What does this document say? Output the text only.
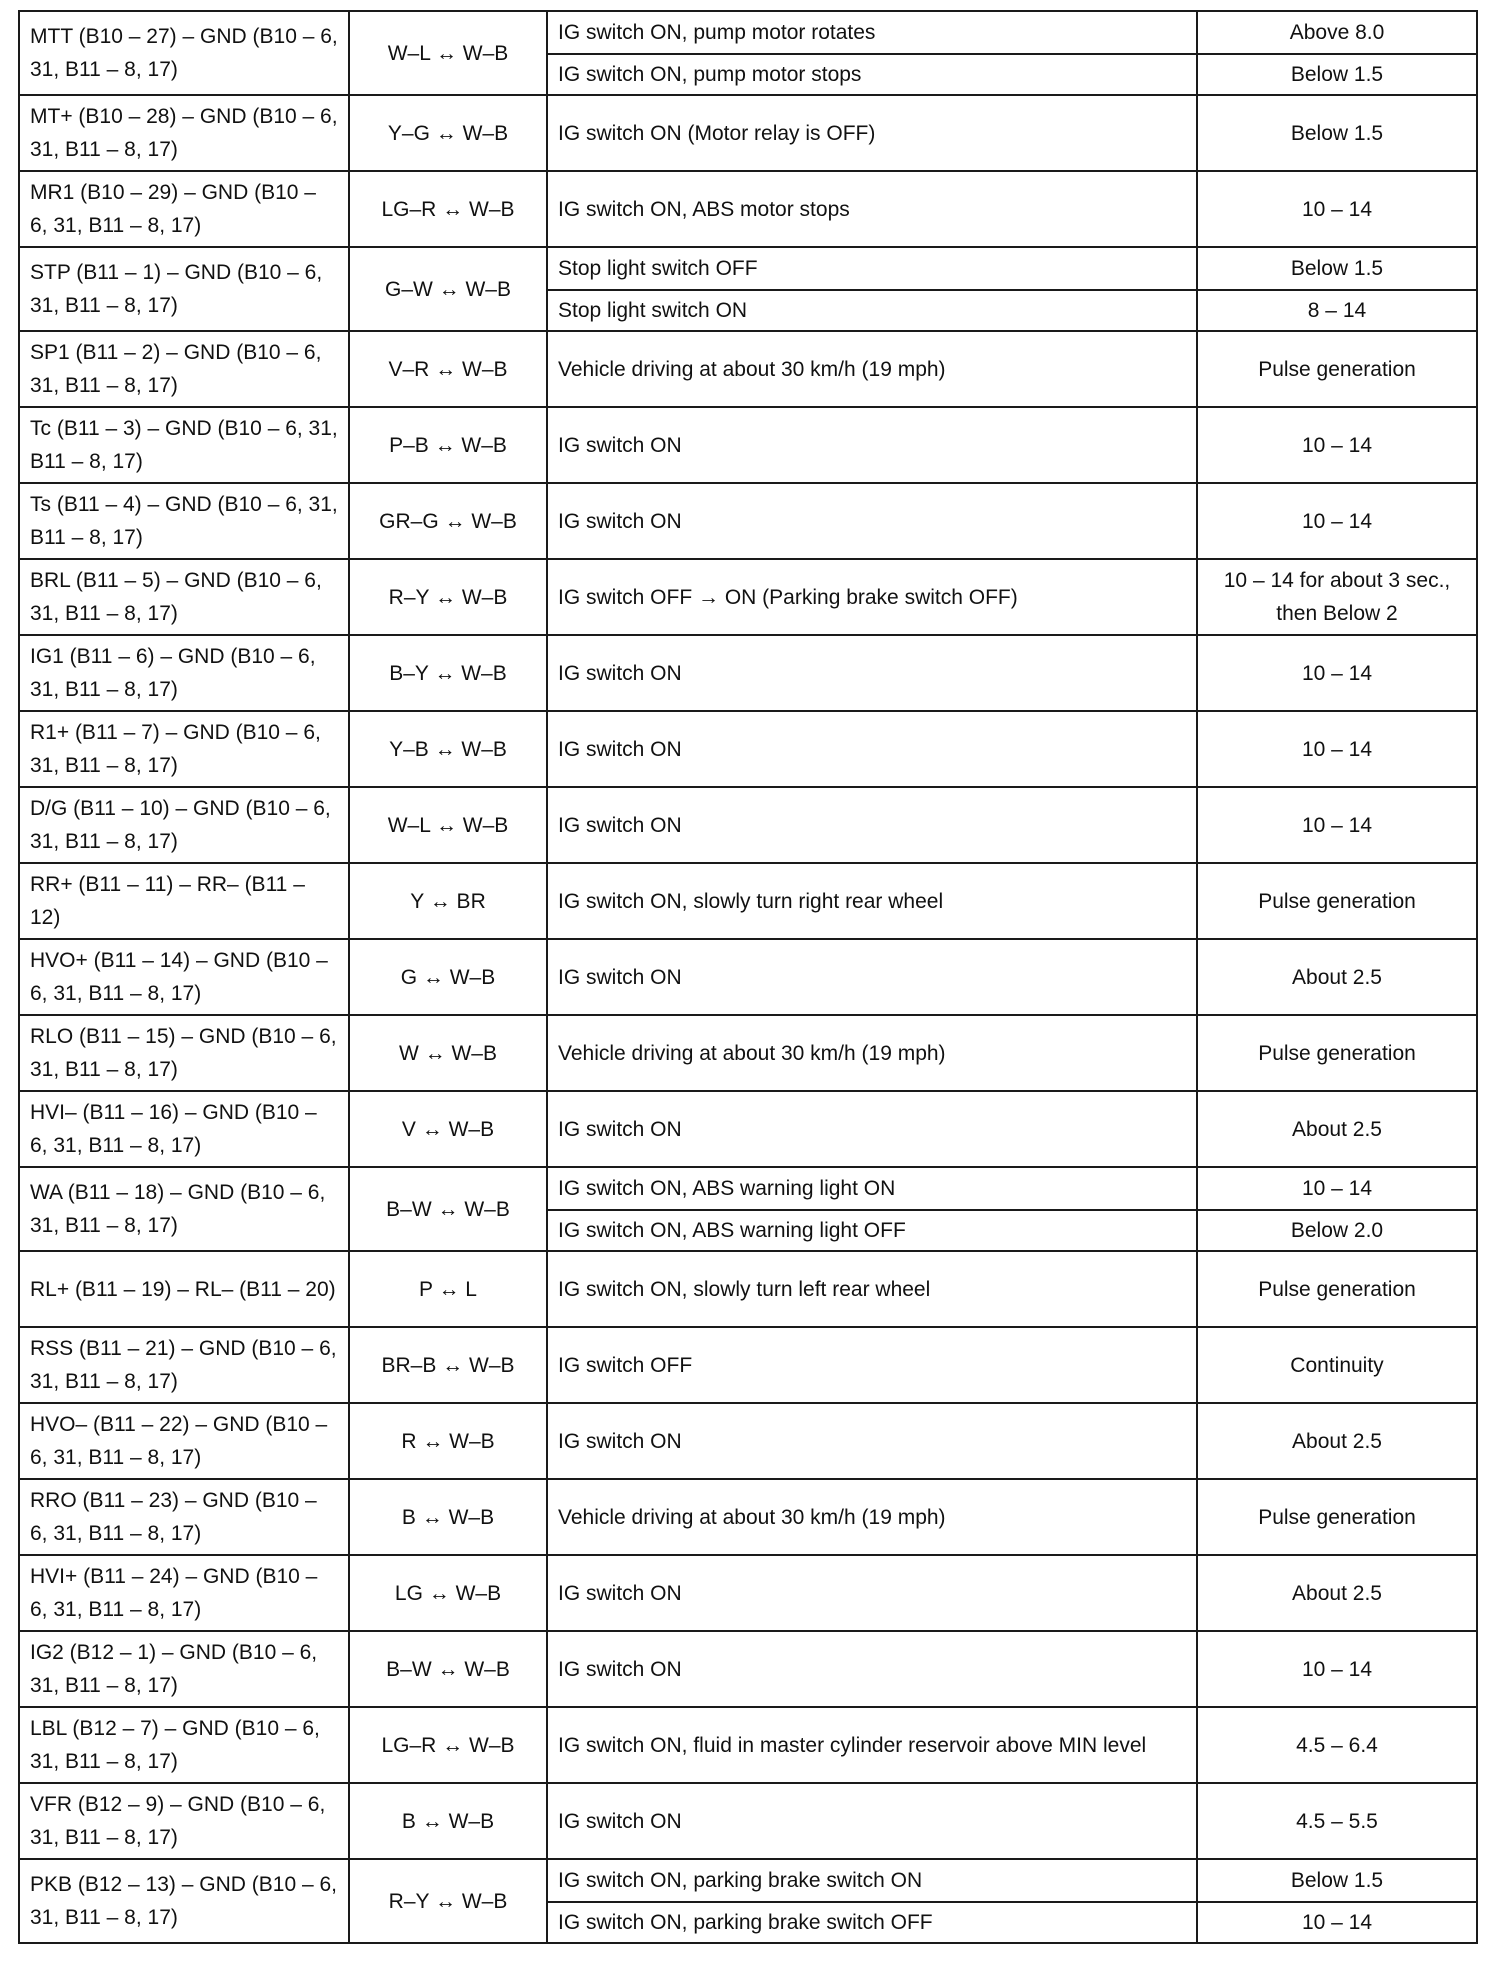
MTT (B10 – 27) – GND (B10 – 6, 31, B11 – 8, 17)	W–L ↔ W–B	IG switch ON, pump motor rotates	Above 8.0
		IG switch ON, pump motor stops	Below 1.5
MT+ (B10 – 28) – GND (B10 – 6, 31, B11 – 8, 17)	Y–G ↔ W–B	IG switch ON (Motor relay is OFF)	Below 1.5
MR1 (B10 – 29) – GND (B10 – 6, 31, B11 – 8, 17)	LG–R ↔ W–B	IG switch ON, ABS motor stops	10 – 14
STP (B11 – 1) – GND (B10 – 6, 31, B11 – 8, 17)	G–W ↔ W–B	Stop light switch OFF	Below 1.5
		Stop light switch ON	8 – 14
SP1 (B11 – 2) – GND (B10 – 6, 31, B11 – 8, 17)	V–R ↔ W–B	Vehicle driving at about 30 km/h (19 mph)	Pulse generation
Tc (B11 – 3) – GND (B10 – 6, 31, B11 – 8, 17)	P–B ↔ W–B	IG switch ON	10 – 14
Ts (B11 – 4) – GND (B10 – 6, 31, B11 – 8, 17)	GR–G ↔ W–B	IG switch ON	10 – 14
BRL (B11 – 5) – GND (B10 – 6, 31, B11 – 8, 17)	R–Y ↔ W–B	IG switch OFF → ON (Parking brake switch OFF)	10 – 14 for about 3 sec., then Below 2
IG1 (B11 – 6) – GND (B10 – 6, 31, B11 – 8, 17)	B–Y ↔ W–B	IG switch ON	10 – 14
R1+ (B11 – 7) – GND (B10 – 6, 31, B11 – 8, 17)	Y–B ↔ W–B	IG switch ON	10 – 14
D/G (B11 – 10) – GND (B10 – 6, 31, B11 – 8, 17)	W–L ↔ W–B	IG switch ON	10 – 14
RR+ (B11 – 11) – RR– (B11 – 12)	Y ↔ BR	IG switch ON, slowly turn right rear wheel	Pulse generation
HVO+ (B11 – 14) – GND (B10 – 6, 31, B11 – 8, 17)	G ↔ W–B	IG switch ON	About 2.5
RLO (B11 – 15) – GND (B10 – 6, 31, B11 – 8, 17)	W ↔ W–B	Vehicle driving at about 30 km/h (19 mph)	Pulse generation
HVI– (B11 – 16) – GND (B10 – 6, 31, B11 – 8, 17)	V ↔ W–B	IG switch ON	About 2.5
WA (B11 – 18) – GND (B10 – 6, 31, B11 – 8, 17)	B–W ↔ W–B	IG switch ON, ABS warning light ON	10 – 14
		IG switch ON, ABS warning light OFF	Below 2.0
RL+ (B11 – 19) – RL– (B11 – 20)	P ↔ L	IG switch ON, slowly turn left rear wheel	Pulse generation
RSS (B11 – 21) – GND (B10 – 6, 31, B11 – 8, 17)	BR–B ↔ W–B	IG switch OFF	Continuity
HVO– (B11 – 22) – GND (B10 – 6, 31, B11 – 8, 17)	R ↔ W–B	IG switch ON	About 2.5
RRO (B11 – 23) – GND (B10 – 6, 31, B11 – 8, 17)	B ↔ W–B	Vehicle driving at about 30 km/h (19 mph)	Pulse generation
HVI+ (B11 – 24) – GND (B10 – 6, 31, B11 – 8, 17)	LG ↔ W–B	IG switch ON	About 2.5
IG2 (B12 – 1) – GND (B10 – 6, 31, B11 – 8, 17)	B–W ↔ W–B	IG switch ON	10 – 14
LBL (B12 – 7) – GND (B10 – 6, 31, B11 – 8, 17)	LG–R ↔ W–B	IG switch ON, fluid in master cylinder reservoir above MIN level	4.5 – 6.4
VFR (B12 – 9) – GND (B10 – 6, 31, B11 – 8, 17)	B ↔ W–B	IG switch ON	4.5 – 5.5
PKB (B12 – 13) – GND (B10 – 6, 31, B11 – 8, 17)	R–Y ↔ W–B	IG switch ON, parking brake switch ON	Below 1.5
		IG switch ON, parking brake switch OFF	10 – 14
